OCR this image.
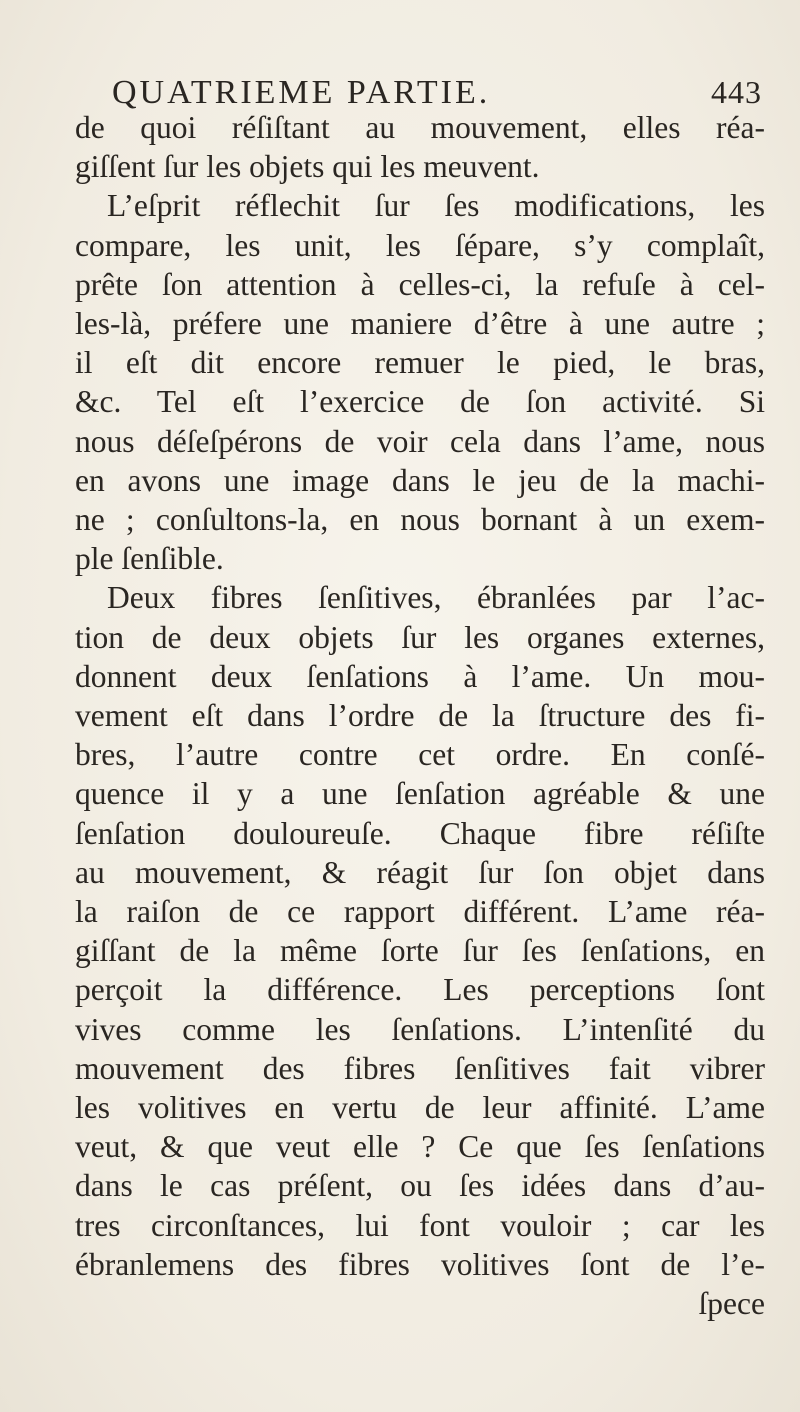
QUATRIEME PARTIE.	443
de quoi réſiſtant au mouvement, elles réa-
giſſent ſur les objets qui les meuvent.
L’eſprit réflechit ſur ſes modifications, les
compare, les unit, les ſépare, s’y complaît,
prête ſon attention à celles-ci, la refuſe à cel-
les-là, préfere une maniere d’être à une autre ;
il eſt dit encore remuer le pied, le bras,
&c. Tel eſt l’exercice de ſon activité. Si
nous déſeſpérons de voir cela dans l’ame, nous
en avons une image dans le jeu de la machi-
ne ; conſultons-la, en nous bornant à un exem-
ple ſenſible.
Deux fibres ſenſitives, ébranlées par l’ac-
tion de deux objets ſur les organes externes,
donnent deux ſenſations à l’ame. Un mou-
vement eſt dans l’ordre de la ſtructure des fi-
bres, l’autre contre cet ordre. En conſé-
quence il y a une ſenſation agréable & une
ſenſation douloureuſe. Chaque fibre réſiſte
au mouvement, & réagit ſur ſon objet dans
la raiſon de ce rapport différent. L’ame réa-
giſſant de la même ſorte ſur ſes ſenſations, en
perçoit la différence. Les perceptions ſont
vives comme les ſenſations. L’intenſité du
mouvement des fibres ſenſitives fait vibrer
les volitives en vertu de leur affinité. L’ame
veut, & que veut elle ? Ce que ſes ſenſations
dans le cas préſent, ou ſes idées dans d’au-
tres circonſtances, lui font vouloir ; car les
ébranlemens des fibres volitives ſont de l’e-
ſpece
